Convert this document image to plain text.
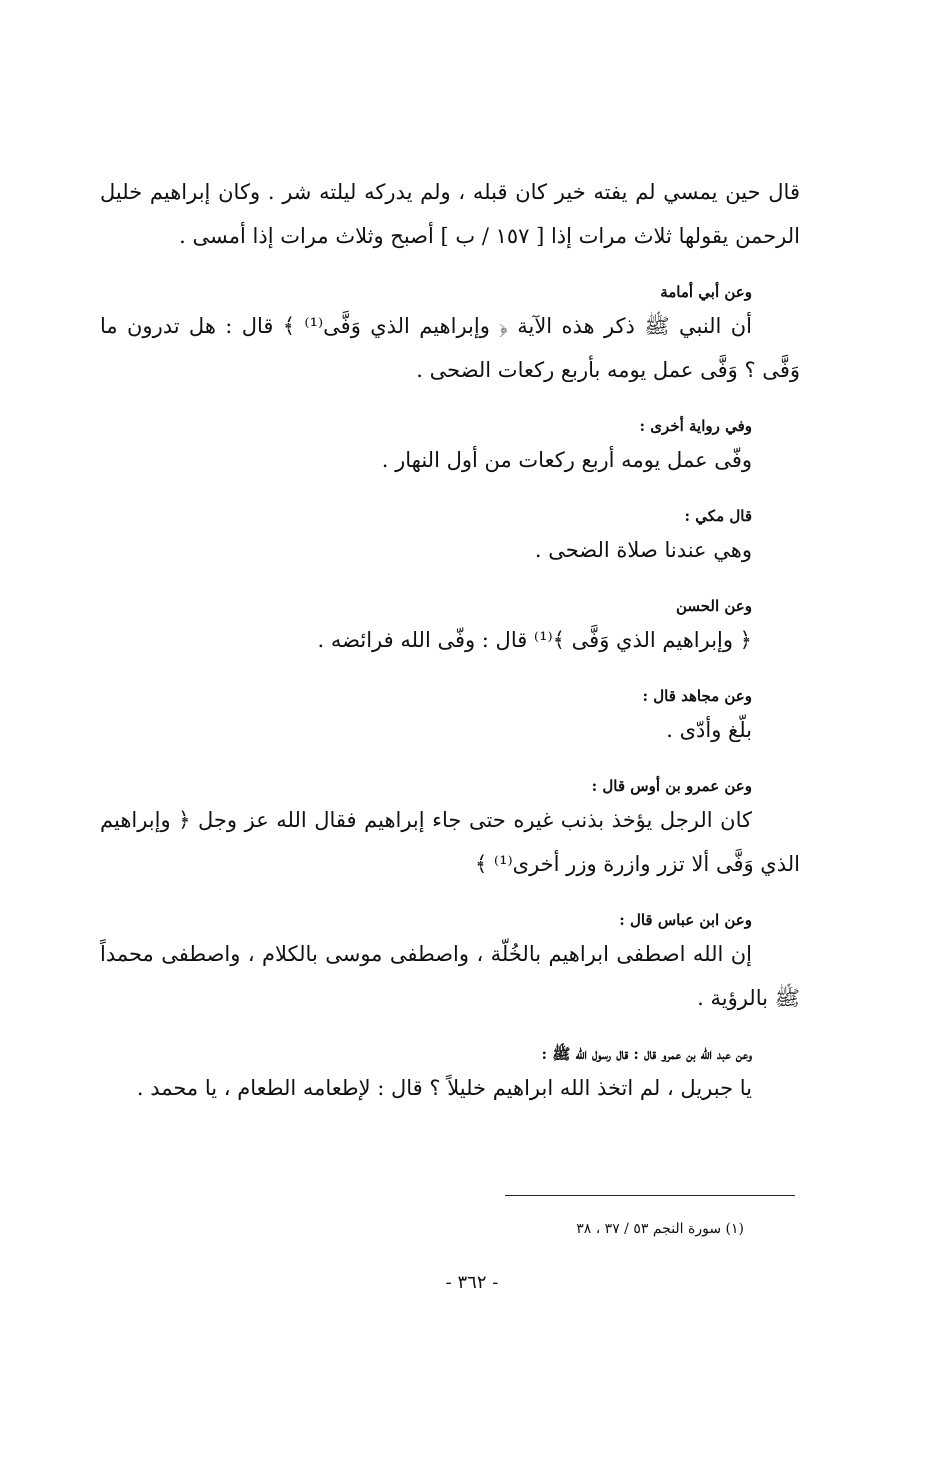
قال حين يمسي لم يفته خير كان قبله ، ولم يدركه ليلته شر . وكان إبراهيم خليل الرحمن يقولها ثلاث مرات إذا [ ١٥٧ / ب ] أصبح وثلاث مرات إذا أمسى .

وعن أبي أمامة

أن النبي ﷺ ذكر هذه الآية ﴿ وإبراهيم الذي وَفَّى⁽¹⁾ ﴾ قال : هل تدرون ما وَفَّى ؟ وَفَّى عمل يومه بأربع ركعات الضحى .

وفي رواية أخرى :

وفّى عمل يومه أربع ركعات من أول النهار .

قال مكي :

وهي عندنا صلاة الضحى .

وعن الحسن

﴿ وإبراهيم الذي وَفَّى ﴾⁽¹⁾ قال : وفّى الله فرائضه .

وعن مجاهد قال :

بلّغ وأدّى .

وعن عمرو بن أوس قال :

كان الرجل يؤخذ بذنب غيره حتى جاء إبراهيم فقال الله عز وجل ﴿ وإبراهيم الذي وَفَّى ألا تزر وازرة وزر أخرى⁽¹⁾ ﴾

وعن ابن عباس قال :

إن الله اصطفى ابراهيم بالخُلّة ، واصطفى موسى بالكلام ، واصطفى محمداً ﷺ بالرؤية .

وعن عبد الله بن عمرو قال : قال رسول الله ﷺ :

يا جبريل ، لم اتخذ الله ابراهيم خليلاً ؟ قال : لإطعامه الطعام ، يا محمد .

(١) سورة النجم ٥٣ / ٣٧ ، ٣٨
- ٣٦٢ -
